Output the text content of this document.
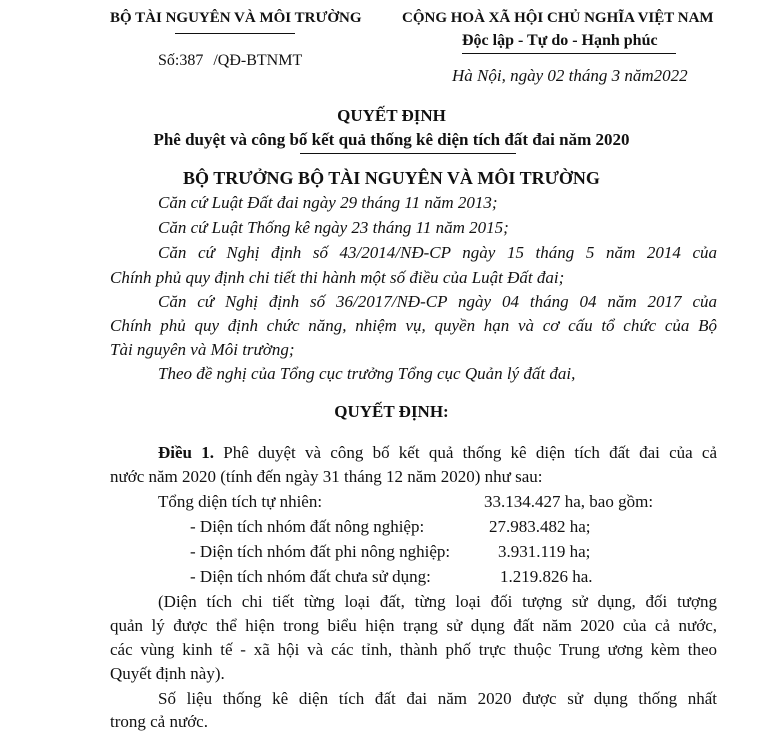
BỘ TÀI NGUYÊN VÀ MÔI TRƯỜNG	CỘNG HOÀ XÃ HỘI CHỦ NGHĨA VIỆT NAM
Độc lập - Tự do - Hạnh phúc
Số:387 /QĐ-BTNMT
Hà Nội, ngày 02 tháng 3 năm2022
QUYẾT ĐỊNH
Phê duyệt và công bố kết quả thống kê diện tích đất đai năm 2020
BỘ TRƯỞNG BỘ TÀI NGUYÊN VÀ MÔI TRƯỜNG
Căn cứ Luật Đất đai ngày 29 tháng 11 năm 2013;
Căn cứ Luật Thống kê ngày 23 tháng 11 năm 2015;
Căn cứ Nghị định số 43/2014/NĐ-CP ngày 15 tháng 5 năm 2014 của
Chính phủ quy định chi tiết thi hành một số điều của Luật Đất đai;
Căn cứ Nghị định số 36/2017/NĐ-CP ngày 04 tháng 04 năm 2017 của
Chính phủ quy định chức năng, nhiệm vụ, quyền hạn và cơ cấu tổ chức của Bộ
Tài nguyên và Môi trường;
Theo đề nghị của Tổng cục trưởng Tổng cục Quản lý đất đai,
QUYẾT ĐỊNH:
Điều 1. Phê duyệt và công bố kết quả thống kê diện tích đất đai của cả
nước năm 2020 (tính đến ngày 31 tháng 12 năm 2020) như sau:
Tổng diện tích tự nhiên:	33.134.427 ha, bao gồm:
- Diện tích nhóm đất nông nghiệp:	27.983.482 ha;
- Diện tích nhóm đất phi nông nghiệp:	3.931.119 ha;
- Diện tích nhóm đất chưa sử dụng:	1.219.826 ha.
(Diện tích chi tiết từng loại đất, từng loại đối tượng sử dụng, đối tượng
quản lý được thể hiện trong biểu hiện trạng sử dụng đất năm 2020 của cả nước,
các vùng kinh tế - xã hội và các tỉnh, thành phố trực thuộc Trung ương kèm theo
Quyết định này).
Số liệu thống kê diện tích đất đai năm 2020 được sử dụng thống nhất
trong cả nước.
